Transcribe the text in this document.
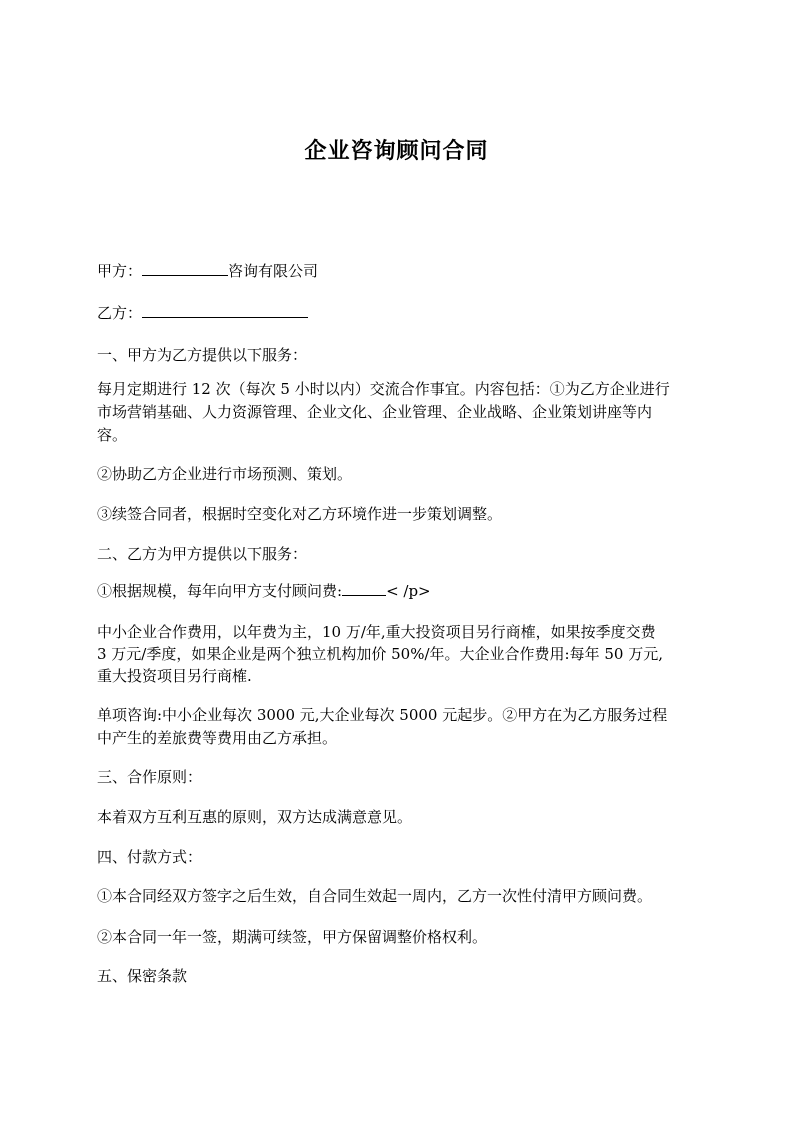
企业咨询顾问合同
甲方：	咨询有限公司
乙方：
一、甲方为乙方提供以下服务：
每月定期进行 12 次（每次 5 小时以内）交流合作事宜。内容包括：①为乙方企业进行
市场营销基础、人力资源管理、企业文化、企业管理、企业战略、企业策划讲座等内
容。
②协助乙方企业进行市场预测、策划。
③续签合同者，根据时空变化对乙方环境作进一步策划调整。
二、乙方为甲方提供以下服务：
①根据规模，每年向甲方支付顾问费:	< /p>
中小企业合作费用，以年费为主，10 万/年,重大投资项目另行商榷，如果按季度交费
3 万元/季度，如果企业是两个独立机构加价 50%/年。大企业合作费用:每年 50 万元,
重大投资项目另行商榷.
单项咨询:中小企业每次 3000 元,大企业每次 5000 元起步。②甲方在为乙方服务过程
中产生的差旅费等费用由乙方承担。
三、合作原则：
本着双方互利互惠的原则，双方达成满意意见。
四、付款方式：
①本合同经双方签字之后生效，自合同生效起一周内，乙方一次性付清甲方顾问费。
②本合同一年一签，期满可续签，甲方保留调整价格权利。
五、保密条款
